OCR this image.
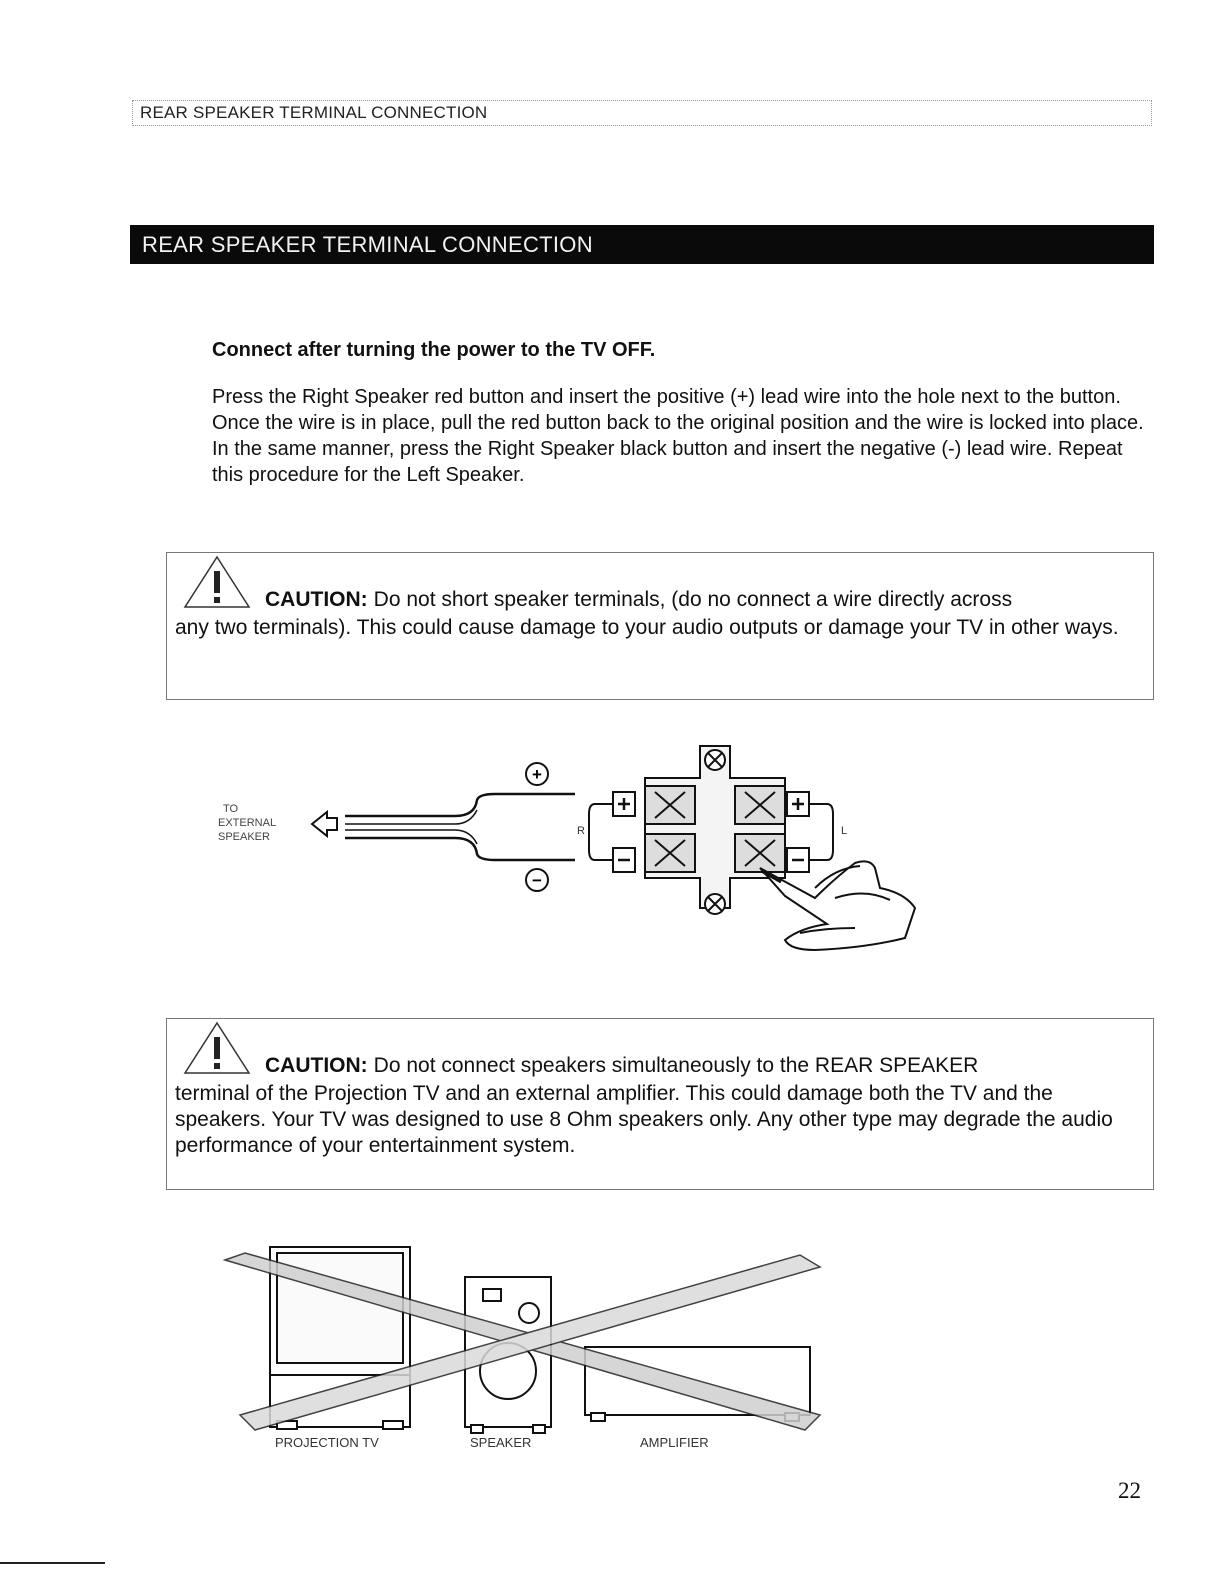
REAR SPEAKER TERMINAL CONNECTION
REAR SPEAKER TERMINAL CONNECTION
Connect after turning the power to the TV OFF.

Press the Right Speaker red button and insert the positive (+) lead wire into the hole next to the button. Once the wire is in place, pull the red button back to the original position and the wire is locked into place. In the same manner, press the Right Speaker black button and insert the negative (-) lead wire. Repeat this procedure for the Left Speaker.

CAUTION: Do not short speaker terminals, (do no connect a wire directly across
any two terminals). This could cause damage to your audio outputs or damage your TV in other ways.
TO
EXTERNAL
SPEAKER
+
−
R	L
CAUTION: Do not connect speakers simultaneously to the REAR SPEAKER
terminal of the Projection TV and an external amplifier. This could damage both the TV and the speakers. Your TV was designed to use 8 Ohm speakers only. Any other type may degrade the audio performance of your entertainment system.
PROJECTION TV	SPEAKER	AMPLIFIER
22
